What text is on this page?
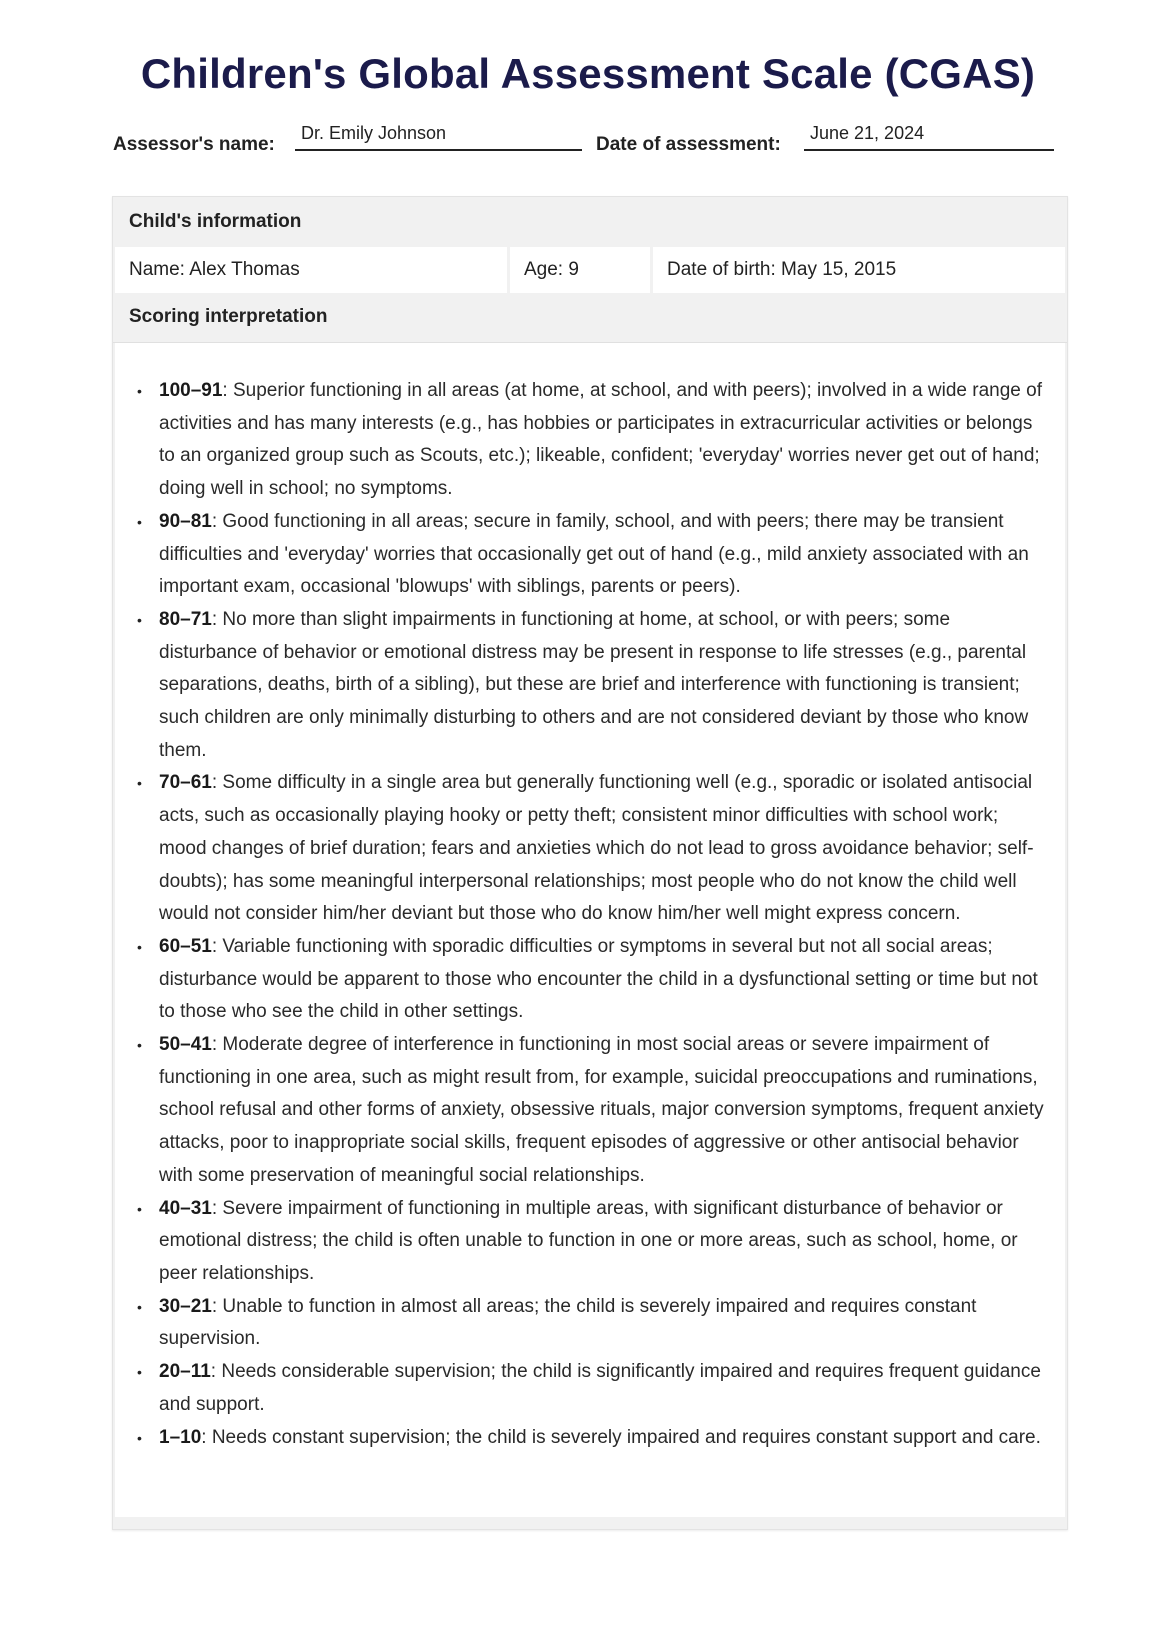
Children's Global Assessment Scale (CGAS)
Assessor's name:
Dr. Emily Johnson
Date of assessment:
June 21, 2024
Child's information
Name: Alex Thomas	Age: 9	Date of birth: May 15, 2015
Scoring interpretation
• 100–91: Superior functioning in all areas (at home, at school, and with peers); involved in a wide range of activities and has many interests (e.g., has hobbies or participates in extracurricular activities or belongs to an organized group such as Scouts, etc.); likeable, confident; 'everyday' worries never get out of hand; doing well in school; no symptoms.
• 90–81: Good functioning in all areas; secure in family, school, and with peers; there may be transient difficulties and 'everyday' worries that occasionally get out of hand (e.g., mild anxiety associated with an important exam, occasional 'blowups' with siblings, parents or peers).
• 80–71: No more than slight impairments in functioning at home, at school, or with peers; some disturbance of behavior or emotional distress may be present in response to life stresses (e.g., parental separations, deaths, birth of a sibling), but these are brief and interference with functioning is transient; such children are only minimally disturbing to others and are not considered deviant by those who know them.
• 70–61: Some difficulty in a single area but generally functioning well (e.g., sporadic or isolated antisocial acts, such as occasionally playing hooky or petty theft; consistent minor difficulties with school work; mood changes of brief duration; fears and anxieties which do not lead to gross avoidance behavior; self-doubts); has some meaningful interpersonal relationships; most people who do not know the child well would not consider him/her deviant but those who do know him/her well might express concern.
• 60–51: Variable functioning with sporadic difficulties or symptoms in several but not all social areas; disturbance would be apparent to those who encounter the child in a dysfunctional setting or time but not to those who see the child in other settings.
• 50–41: Moderate degree of interference in functioning in most social areas or severe impairment of functioning in one area, such as might result from, for example, suicidal preoccupations and ruminations, school refusal and other forms of anxiety, obsessive rituals, major conversion symptoms, frequent anxiety attacks, poor to inappropriate social skills, frequent episodes of aggressive or other antisocial behavior with some preservation of meaningful social relationships.
• 40–31: Severe impairment of functioning in multiple areas, with significant disturbance of behavior or emotional distress; the child is often unable to function in one or more areas, such as school, home, or peer relationships.
• 30–21: Unable to function in almost all areas; the child is severely impaired and requires constant supervision.
• 20–11: Needs considerable supervision; the child is significantly impaired and requires frequent guidance and support.
• 1–10: Needs constant supervision; the child is severely impaired and requires constant support and care.
